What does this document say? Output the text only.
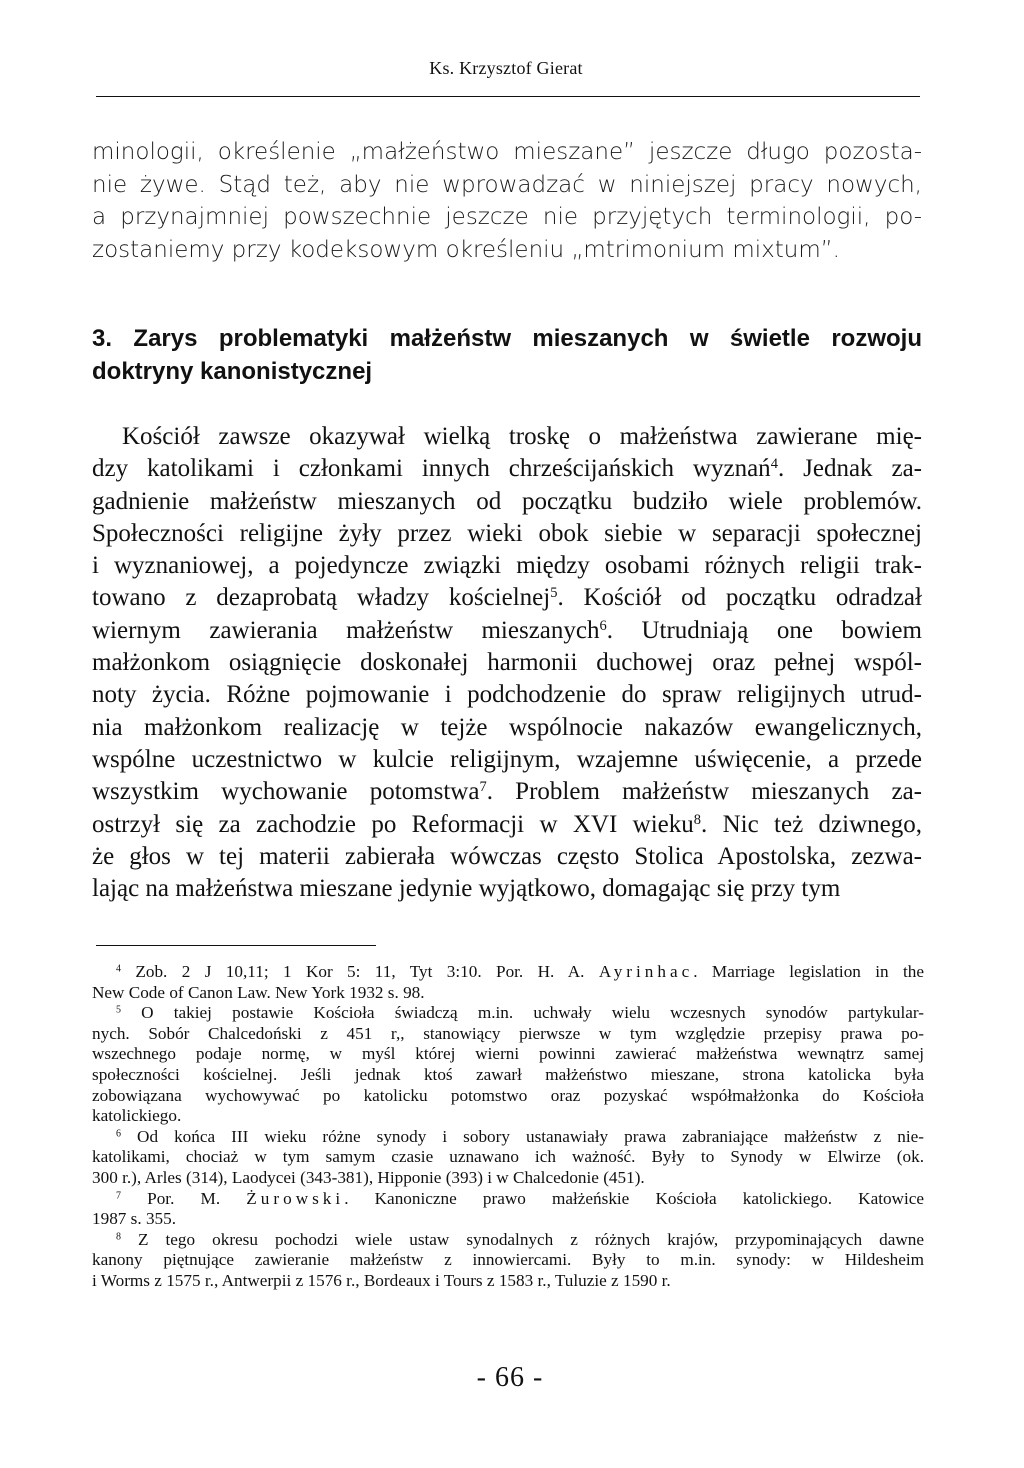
Ks. Krzysztof Gierat
minologii, określenie „małżeństwo mieszane” jeszcze długo pozosta-
nie żywe. Stąd też, aby nie wprowadzać w niniejszej pracy nowych,
a przynajmniej powszechnie jeszcze nie przyjętych terminologii, po-
zostaniemy przy kodeksowym określeniu „mtrimonium mixtum”.
3. Zarys problematyki małżeństw mieszanych w świetle rozwoju
doktryny kanonistycznej
Kościół zawsze okazywał wielką troskę o małżeństwa zawierane mię-
dzy katolikami i członkami innych chrześcijańskich wyznań$^4$. Jednak za-
gadnienie małżeństw mieszanych od początku budziło wiele problemów.
Społeczności religijne żyły przez wieki obok siebie w separacji społecznej
i wyznaniowej, a pojedyncze związki między osobami różnych religii trak-
towano z dezaprobatą władzy kościelnej$^5$. Kościół od początku odradzał
wiernym zawierania małżeństw mieszanych$^6$. Utrudniają one bowiem
małżonkom osiągnięcie doskonałej harmonii duchowej oraz pełnej wspól-
noty życia. Różne pojmowanie i podchodzenie do spraw religijnych utrud-
nia małżonkom realizację w tejże wspólnocie nakazów ewangelicznych,
wspólne uczestnictwo w kulcie religijnym, wzajemne uświęcenie, a przede
wszystkim wychowanie potomstwa$^7$. Problem małżeństw mieszanych za-
ostrzył się za zachodzie po Reformacji w XVI wieku$^8$. Nic też dziwnego,
że głos w tej materii zabierała wówczas często Stolica Apostolska, zezwa-
lając na małżeństwa mieszane jedynie wyjątkowo, domagając się przy tym
$^4$ Zob. 2 J 10,11; 1 Kor 5: 11, Tyt 3:10. Por. H. A. Ayrinhac. Marriage legislation in the
New Code of Canon Law. New York 1932 s. 98.
$^5$ O takiej postawie Kościoła świadczą m.in. uchwały wielu wczesnych synodów partykular-
nych. Sobór Chalcedoński z 451 r,, stanowiący pierwsze w tym względzie przepisy prawa po-
wszechnego podaje normę, w myśl której wierni powinni zawierać małżeństwa wewnątrz samej
społeczności kościelnej. Jeśli jednak ktoś zawarł małżeństwo mieszane, strona katolicka była
zobowiązana wychowywać po katolicku potomstwo oraz pozyskać współmałżonka do Kościoła
katolickiego.
$^6$ Od końca III wieku różne synody i sobory ustanawiały prawa zabraniające małżeństw z nie-
katolikami, chociaż w tym samym czasie uznawano ich ważność. Były to Synody w Elwirze (ok.
300 r.), Arles (314), Laodycei (343-381), Hipponie (393) i w Chalcedonie (451).
$^7$ Por. M. Żurowski. Kanoniczne prawo małżeńskie Kościoła katolickiego. Katowice
1987 s. 355.
$^8$ Z tego okresu pochodzi wiele ustaw synodalnych z różnych krajów, przypominających dawne
kanony piętnujące zawieranie małżeństw z innowiercami. Były to m.in. synody: w Hildesheim
i Worms z 1575 r., Antwerpii z 1576 r., Bordeaux i Tours z 1583 r., Tuluzie z 1590 r.
- 66 -
